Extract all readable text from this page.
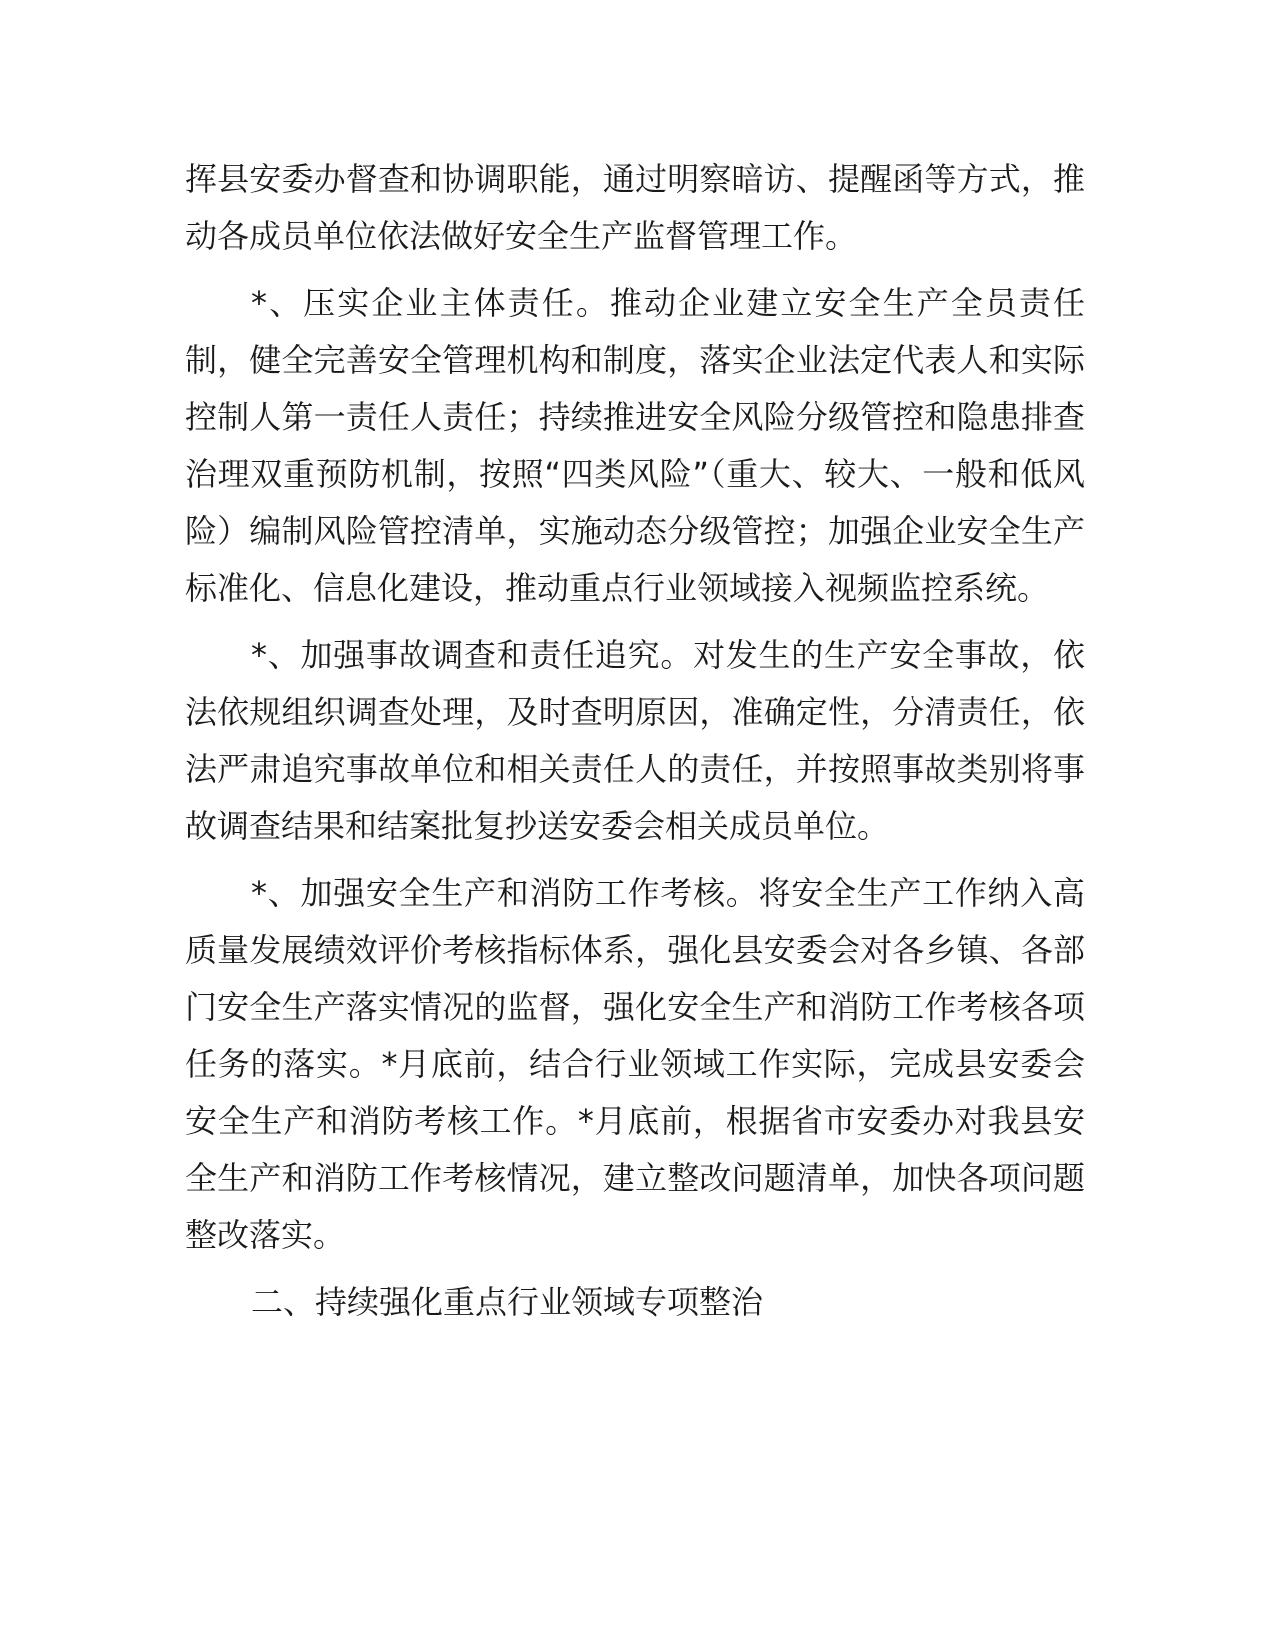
挥县安委办督查和协调职能，通过明察暗访、提醒函等方式，推动各成员单位依法做好安全生产监督管理工作。

*、压实企业主体责任。推动企业建立安全生产全员责任制，健全完善安全管理机构和制度，落实企业法定代表人和实际控制人第一责任人责任；持续推进安全风险分级管控和隐患排查治理双重预防机制，按照“四类风险”（重大、较大、一般和低风险）编制风险管控清单，实施动态分级管控；加强企业安全生产标准化、信息化建设，推动重点行业领域接入视频监控系统。

*、加强事故调查和责任追究。对发生的生产安全事故，依法依规组织调查处理，及时查明原因，准确定性，分清责任，依法严肃追究事故单位和相关责任人的责任，并按照事故类别将事故调查结果和结案批复抄送安委会相关成员单位。

*、加强安全生产和消防工作考核。将安全生产工作纳入高质量发展绩效评价考核指标体系，强化县安委会对各乡镇、各部门安全生产落实情况的监督，强化安全生产和消防工作考核各项任务的落实。*月底前，结合行业领域工作实际，完成县安委会安全生产和消防考核工作。*月底前，根据省市安委办对我县安全生产和消防工作考核情况，建立整改问题清单，加快各项问题整改落实。

二、持续强化重点行业领域专项整治
